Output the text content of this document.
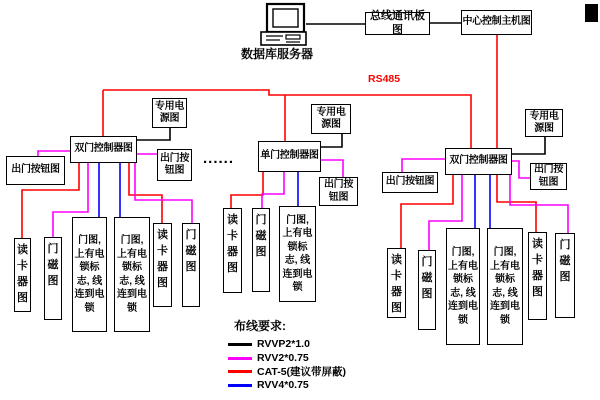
数据库服务器
总线通讯板图
中心控制主机图
RS485
......
专用电源图
双门控制器图
出门按钮图
出门按钮图
读卡器图
门磁图
门图,上有电锁标志, 线连到电锁
门图,上有电锁标志, 线连到电锁
读卡器图
门磁图
专用电源图
单门控制器图
出门按钮图
读卡器图
门磁图
门图,上有电锁标志, 线连到电锁
专用电源图
双门控制器图
出门按钮图
出门按钮图
读卡器图
门磁图
门图,上有电锁标志, 线连到电锁
门图,上有电锁标志, 线连到电锁
读卡器图
门磁图
布线要求:
RVVP2*1.0
RVV2*0.75
CAT-5(建议带屏蔽)
RVV4*0.75
